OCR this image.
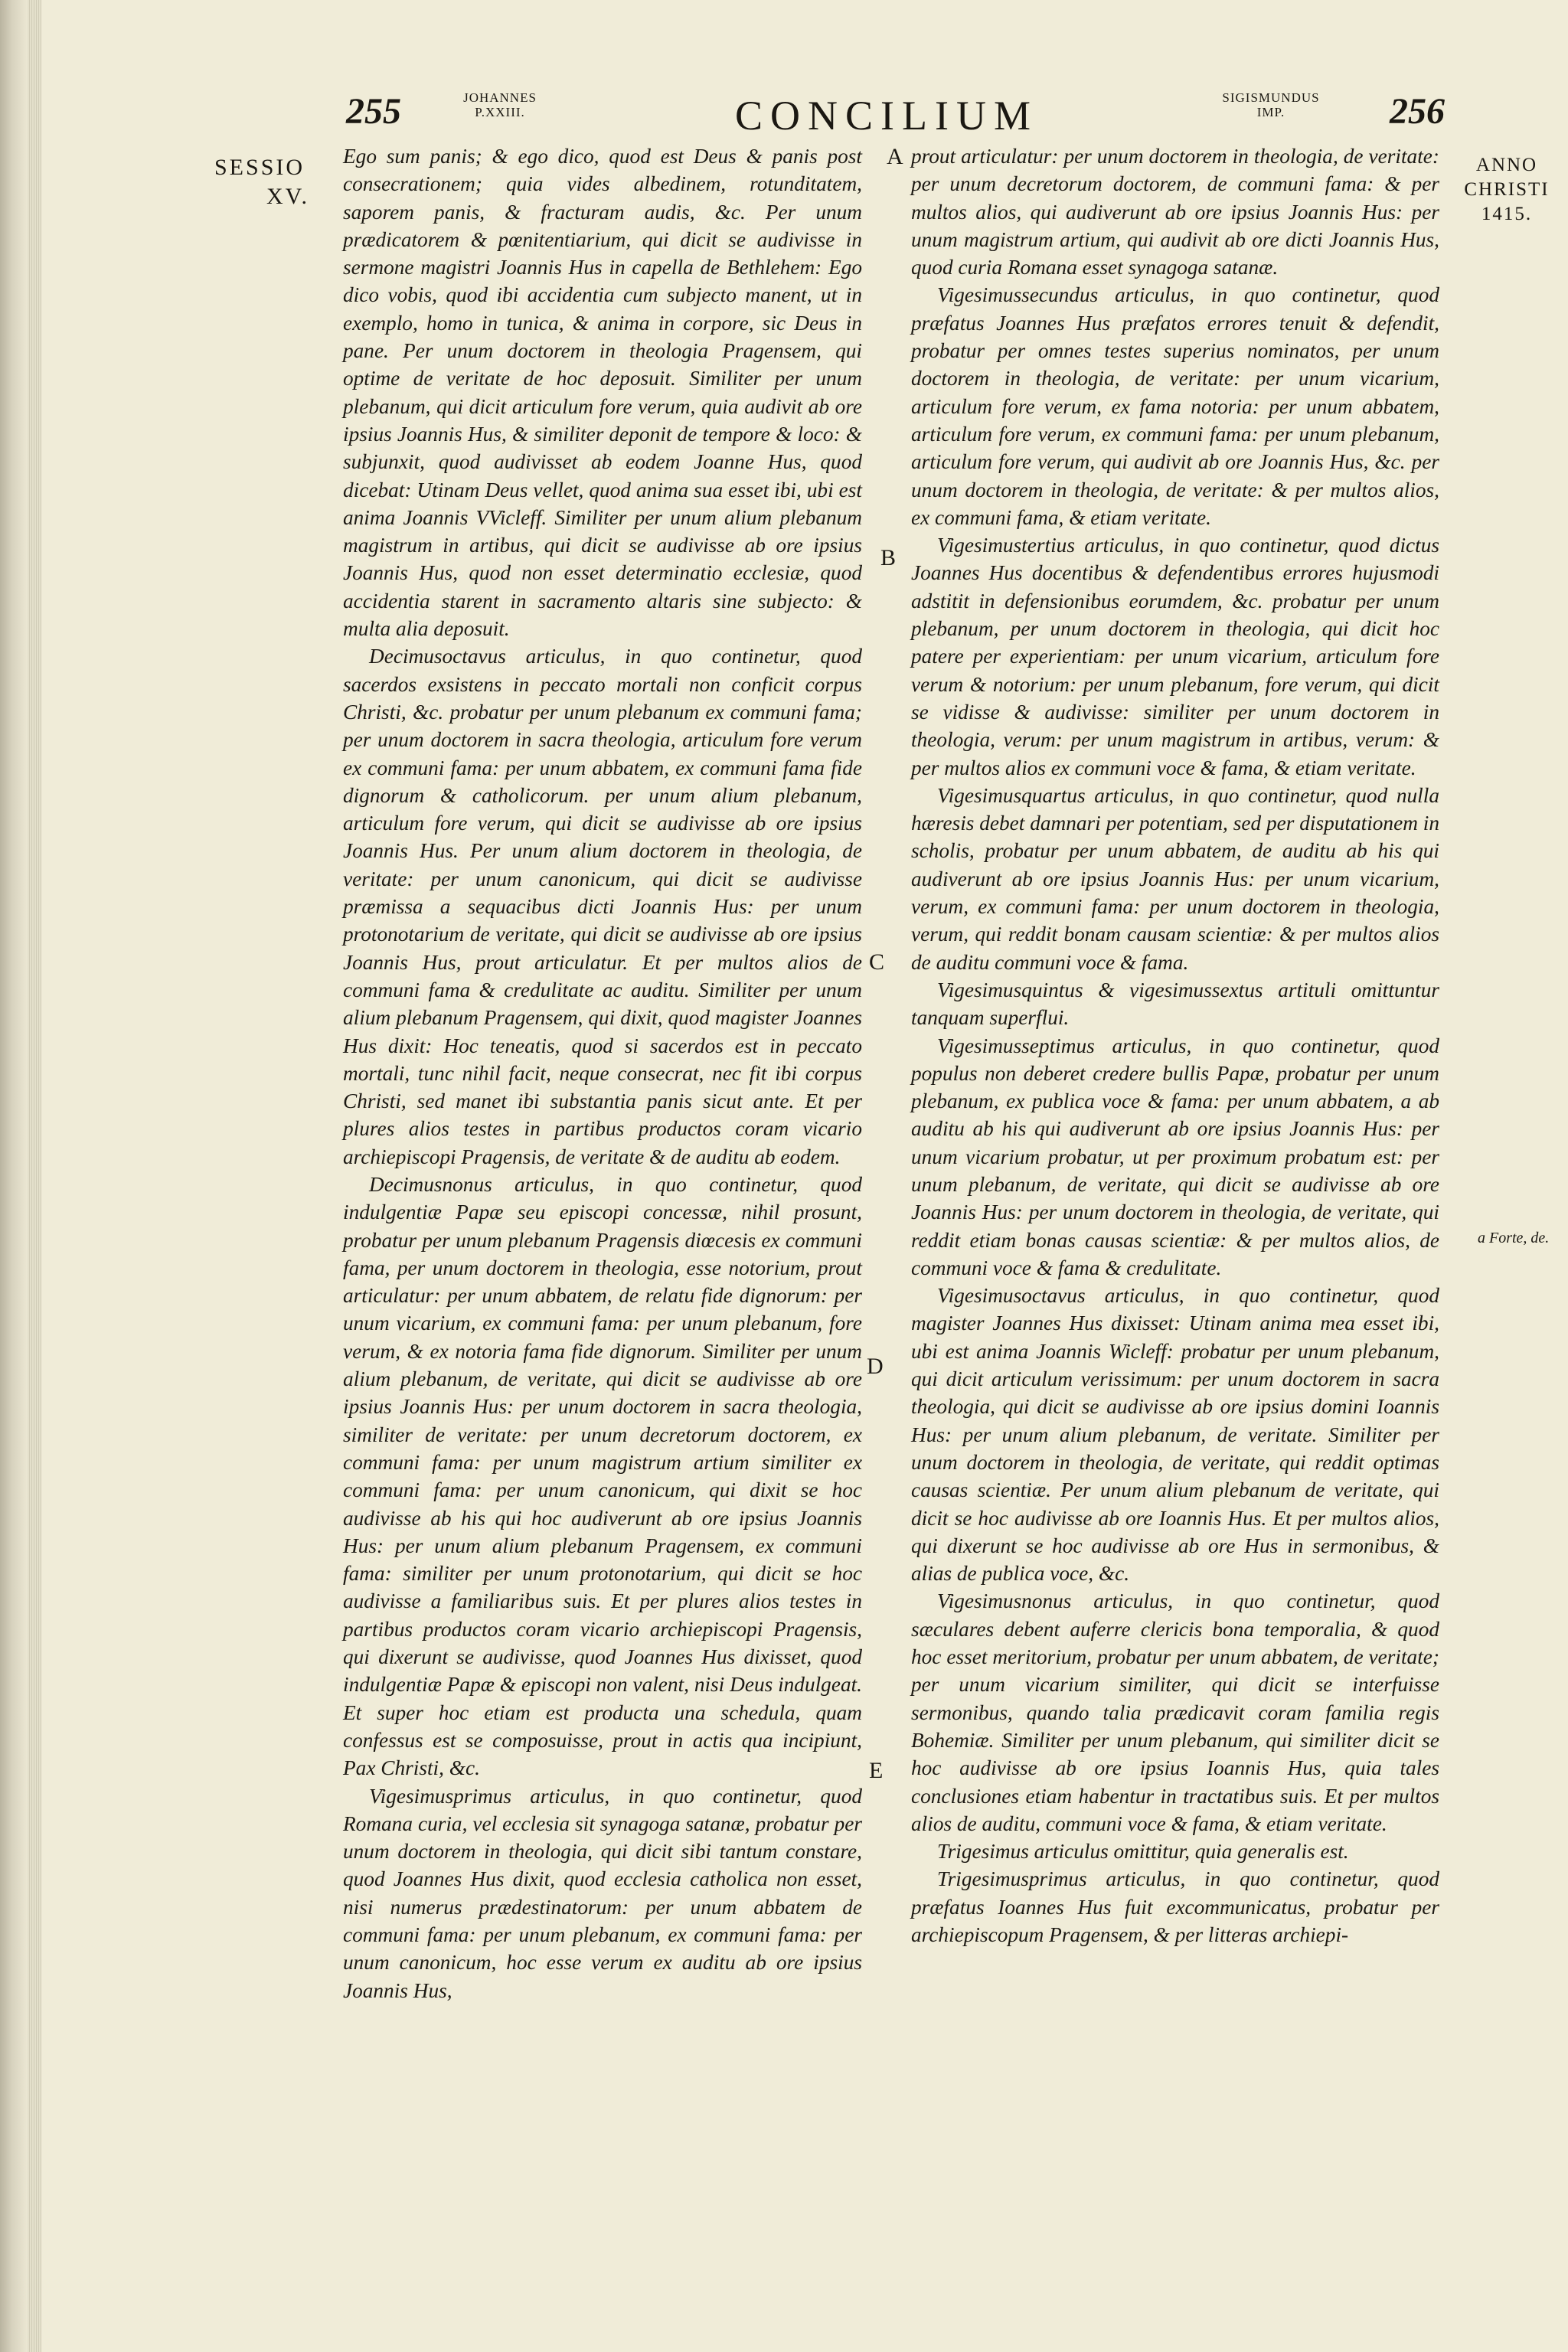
255	JOHANNES
P.XXIII.	CONCILIUM	SIGISMUNDUS
IMP.	256
SESSIO
XV.
ANNO
CHRISTI
1415.

Ego sum panis; & ego dico, quod est Deus & panis post consecrationem; quia vides albedinem, rotunditatem, saporem panis, & fracturam audis, &c. Per unum prædicatorem & pœnitentiarium, qui dicit se audivisse in sermone magistri Joannis Hus in capella de Bethlehem: Ego dico vobis, quod ibi accidentia cum subjecto manent, ut in exemplo, homo in tunica, & anima in corpore, sic Deus in pane. Per unum doctorem in theologia Pragensem, qui optime de veritate de hoc deposuit. Similiter per unum plebanum, qui dicit articulum fore verum, quia audivit ab ore ipsius Joannis Hus, & similiter deponit de tempore & loco: & subjunxit, quod audivisset ab eodem Joanne Hus, quod dicebat: Utinam Deus vellet, quod anima sua esset ibi, ubi est anima Joannis VVicleff. Similiter per unum alium plebanum magistrum in artibus, qui dicit se audivisse ab ore ipsius Joannis Hus, quod non esset determinatio ecclesiæ, quod accidentia starent in sacramento altaris sine subjecto: & multa alia deposuit.

Decimusoctavus articulus, in quo continetur, quod sacerdos exsistens in peccato mortali non conficit corpus Christi, &c. probatur per unum plebanum ex communi fama; per unum doctorem in sacra theologia, articulum fore verum ex communi fama: per unum abbatem, ex communi fama fide dignorum & catholicorum. per unum alium plebanum, articulum fore verum, qui dicit se audivisse ab ore ipsius Joannis Hus. Per unum alium doctorem in theologia, de veritate: per unum canonicum, qui dicit se audivisse præmissa a sequacibus dicti Joannis Hus: per unum protonotarium de veritate, qui dicit se audivisse ab ore ipsius Joannis Hus, prout articulatur. Et per multos alios de communi fama & credulitate ac auditu. Similiter per unum alium plebanum Pragensem, qui dixit, quod magister Joannes Hus dixit: Hoc teneatis, quod si sacerdos est in peccato mortali, tunc nihil facit, neque consecrat, nec fit ibi corpus Christi, sed manet ibi substantia panis sicut ante. Et per plures alios testes in partibus productos coram vicario archiepiscopi Pragensis, de veritate & de auditu ab eodem.

Decimusnonus articulus, in quo continetur, quod indulgentiæ Papæ seu episcopi concessæ, nihil prosunt, probatur per unum plebanum Pragensis diœcesis ex communi fama, per unum doctorem in theologia, esse notorium, prout articulatur: per unum abbatem, de relatu fide dignorum: per unum vicarium, ex communi fama: per unum plebanum, fore verum, & ex notoria fama fide dignorum. Similiter per unum alium plebanum, de veritate, qui dicit se audivisse ab ore ipsius Joannis Hus: per unum doctorem in sacra theologia, similiter de veritate: per unum decretorum doctorem, ex communi fama: per unum magistrum artium similiter ex communi fama: per unum canonicum, qui dixit se hoc audivisse ab his qui hoc audiverunt ab ore ipsius Joannis Hus: per unum alium plebanum Pragensem, ex communi fama: similiter per unum protonotarium, qui dicit se hoc audivisse a familiaribus suis. Et per plures alios testes in partibus productos coram vicario archiepiscopi Pragensis, qui dixerunt se audivisse, quod Joannes Hus dixisset, quod indulgentiæ Papæ & episcopi non valent, nisi Deus indulgeat. Et super hoc etiam est producta una schedula, quam confessus est se composuisse, prout in actis qua incipiunt, Pax Christi, &c.

Vigesimusprimus articulus, in quo continetur, quod Romana curia, vel ecclesia sit synagoga satanæ, probatur per unum doctorem in theologia, qui dicit sibi tantum constare, quod Joannes Hus dixit, quod ecclesia catholica non esset, nisi numerus prædestinatorum: per unum abbatem de communi fama: per unum plebanum, ex communi fama: per unum canonicum, hoc esse verum ex auditu ab ore ipsius Joannis Hus,

prout articulatur: per unum doctorem in theologia, de veritate: per unum decretorum doctorem, de communi fama: & per multos alios, qui audiverunt ab ore ipsius Joannis Hus: per unum magistrum artium, qui audivit ab ore dicti Joannis Hus, quod curia Romana esset synagoga satanæ.

Vigesimussecundus articulus, in quo continetur, quod præfatus Joannes Hus præfatos errores tenuit & defendit, probatur per omnes testes superius nominatos, per unum doctorem in theologia, de veritate: per unum vicarium, articulum fore verum, ex fama notoria: per unum abbatem, articulum fore verum, ex communi fama: per unum plebanum, articulum fore verum, qui audivit ab ore Joannis Hus, &c. per unum doctorem in theologia, de veritate: & per multos alios, ex communi fama, & etiam veritate.

Vigesimustertius articulus, in quo continetur, quod dictus Joannes Hus docentibus & defendentibus errores hujusmodi adstitit in defensionibus eorumdem, &c. probatur per unum plebanum, per unum doctorem in theologia, qui dicit hoc patere per experientiam: per unum vicarium, articulum fore verum & notorium: per unum plebanum, fore verum, qui dicit se vidisse & audivisse: similiter per unum doctorem in theologia, verum: per unum magistrum in artibus, verum: & per multos alios ex communi voce & fama, & etiam veritate.

Vigesimusquartus articulus, in quo continetur, quod nulla hæresis debet damnari per potentiam, sed per disputationem in scholis, probatur per unum abbatem, de auditu ab his qui audiverunt ab ore ipsius Joannis Hus: per unum vicarium, verum, ex communi fama: per unum doctorem in theologia, verum, qui reddit bonam causam scientiæ: & per multos alios de auditu communi voce & fama.

Vigesimusquintus & vigesimussextus artituli omittuntur tanquam superflui.

Vigesimusseptimus articulus, in quo continetur, quod populus non deberet credere bullis Papæ, probatur per unum plebanum, ex publica voce & fama: per unum abbatem, a ab auditu ab his qui audiverunt ab ore ipsius Joannis Hus: per unum vicarium probatur, ut per proximum probatum est: per unum plebanum, de veritate, qui dicit se audivisse ab ore Joannis Hus: per unum doctorem in theologia, de veritate, qui reddit etiam bonas causas scientiæ: & per multos alios, de communi voce & fama & credulitate.

Vigesimusoctavus articulus, in quo continetur, quod magister Joannes Hus dixisset: Utinam anima mea esset ibi, ubi est anima Joannis Wicleff: probatur per unum plebanum, qui dicit articulum verissimum: per unum doctorem in sacra theologia, qui dicit se audivisse ab ore ipsius domini Ioannis Hus: per unum alium plebanum, de veritate. Similiter per unum doctorem in theologia, de veritate, qui reddit optimas causas scientiæ. Per unum alium plebanum de veritate, qui dicit se hoc audivisse ab ore Ioannis Hus. Et per multos alios, qui dixerunt se hoc audivisse ab ore Hus in sermonibus, & alias de publica voce, &c.

Vigesimusnonus articulus, in quo continetur, quod sæculares debent auferre clericis bona temporalia, & quod hoc esset meritorium, probatur per unum abbatem, de veritate; per unum vicarium similiter, qui dicit se interfuisse sermonibus, quando talia prædicavit coram familia regis Bohemiæ. Similiter per unum plebanum, qui similiter dicit se hoc audivisse ab ore ipsius Ioannis Hus, quia tales conclusiones etiam habentur in tractatibus suis. Et per multos alios de auditu, communi voce & fama, & etiam veritate.

Trigesimus articulus omittitur, quia generalis est.

Trigesimusprimus articulus, in quo continetur, quod præfatus Ioannes Hus fuit excommunicatus, probatur per archiepiscopum Pragensem, & per litteras archiepi-

A
B
C
D
E
a Forte, de.
